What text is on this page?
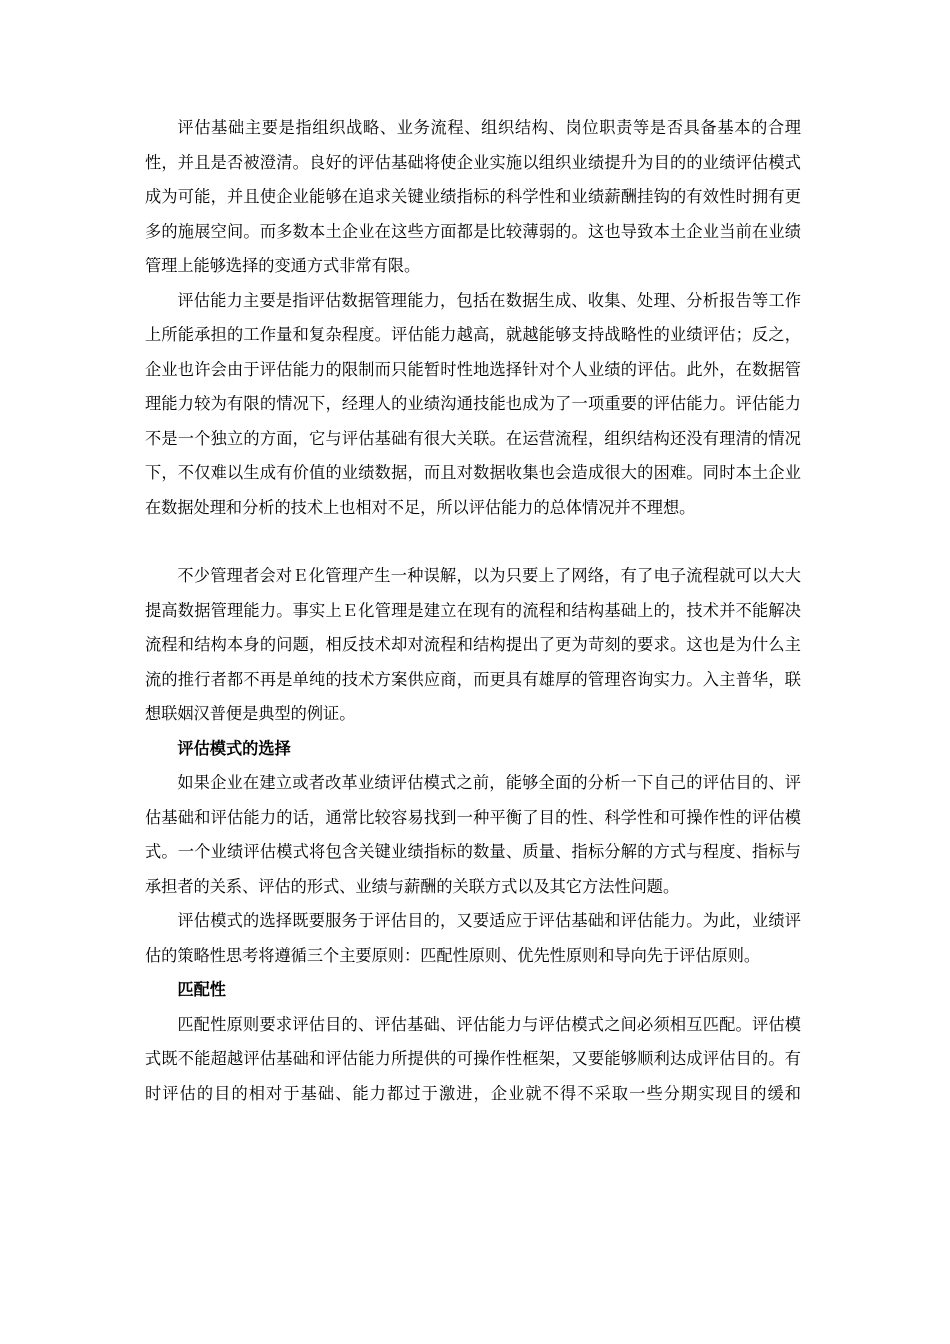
评估基础主要是指组织战略、业务流程、组织结构、岗位职责等是否具备基本的合理性，并且是否被澄清。良好的评估基础将使企业实施以组织业绩提升为目的的业绩评估模式成为可能，并且使企业能够在追求关键业绩指标的科学性和业绩薪酬挂钩的有效性时拥有更多的施展空间。而多数本土企业在这些方面都是比较薄弱的。这也导致本土企业当前在业绩管理上能够选择的变通方式非常有限。

评估能力主要是指评估数据管理能力，包括在数据生成、收集、处理、分析报告等工作上所能承担的工作量和复杂程度。评估能力越高，就越能够支持战略性的业绩评估；反之，企业也许会由于评估能力的限制而只能暂时性地选择针对个人业绩的评估。此外，在数据管理能力较为有限的情况下，经理人的业绩沟通技能也成为了一项重要的评估能力。评估能力不是一个独立的方面，它与评估基础有很大关联。在运营流程，组织结构还没有理清的情况下，不仅难以生成有价值的业绩数据，而且对数据收集也会造成很大的困难。同时本土企业在数据处理和分析的技术上也相对不足，所以评估能力的总体情况并不理想。

不少管理者会对Ｅ化管理产生一种误解，以为只要上了网络，有了电子流程就可以大大提高数据管理能力。事实上Ｅ化管理是建立在现有的流程和结构基础上的，技术并不能解决流程和结构本身的问题，相反技术却对流程和结构提出了更为苛刻的要求。这也是为什么主流的推行者都不再是单纯的技术方案供应商，而更具有雄厚的管理咨询实力。入主普华，联想联姻汉普便是典型的例证。

评估模式的选择

如果企业在建立或者改革业绩评估模式之前，能够全面的分析一下自己的评估目的、评估基础和评估能力的话，通常比较容易找到一种平衡了目的性、科学性和可操作性的评估模式。一个业绩评估模式将包含关键业绩指标的数量、质量、指标分解的方式与程度、指标与承担者的关系、评估的形式、业绩与薪酬的关联方式以及其它方法性问题。

评估模式的选择既要服务于评估目的，又要适应于评估基础和评估能力。为此，业绩评估的策略性思考将遵循三个主要原则：匹配性原则、优先性原则和导向先于评估原则。

匹配性

匹配性原则要求评估目的、评估基础、评估能力与评估模式之间必须相互匹配。评估模式既不能超越评估基础和评估能力所提供的可操作性框架，又要能够顺利达成评估目的。有时评估的目的相对于基础、能力都过于激进，企业就不得不采取一些分期实现目的缓和
